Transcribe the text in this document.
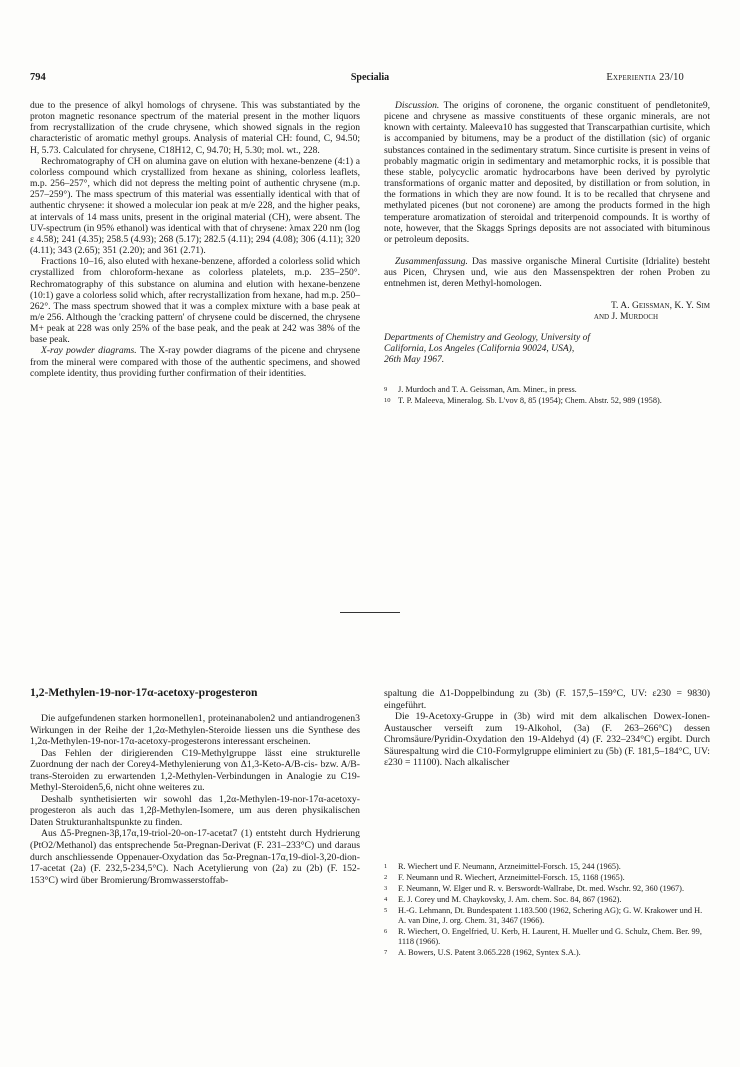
794	Specialia	Experientia 23/10

due to the presence of alkyl homologs of chrysene. This was substantiated by the proton magnetic resonance spectrum of the material present in the mother liquors from recrystallization of the crude chrysene, which showed signals in the region characteristic of aromatic methyl groups. Analysis of material CH: found, C, 94.50; H, 5.73. Calculated for chrysene, C18H12, C, 94.70; H, 5.30; mol. wt., 228.

Rechromatography of CH on alumina gave on elution with hexane-benzene (4:1) a colorless compound which crystallized from hexane as shining, colorless leaflets, m.p. 256–257°, which did not depress the melting point of authentic chrysene (m.p. 257–259°). The mass spectrum of this material was essentially identical with that of authentic chrysene: it showed a molecular ion peak at m/e 228, and the higher peaks, at intervals of 14 mass units, present in the original material (CH), were absent. The UV-spectrum (in 95% ethanol) was identical with that of chrysene: λmax 220 nm (log ε 4.58); 241 (4.35); 258.5 (4.93); 268 (5.17); 282.5 (4.11); 294 (4.08); 306 (4.11); 320 (4.11); 343 (2.65); 351 (2.20); and 361 (2.71).

Fractions 10–16, also eluted with hexane-benzene, afforded a colorless solid which crystallized from chloroform-hexane as colorless platelets, m.p. 235–250°. Rechromatography of this substance on alumina and elution with hexane-benzene (10:1) gave a colorless solid which, after recrystallization from hexane, had m.p. 250–262°. The mass spectrum showed that it was a complex mixture with a base peak at m/e 256. Although the 'cracking pattern' of chrysene could be discerned, the chrysene M+ peak at 228 was only 25% of the base peak, and the peak at 242 was 38% of the base peak.

X-ray powder diagrams. The X-ray powder diagrams of the picene and chrysene from the mineral were compared with those of the authentic specimens, and showed complete identity, thus providing further confirmation of their identities.

Discussion. The origins of coronene, the organic constituent of pendletonite9, picene and chrysene as massive constituents of these organic minerals, are not known with certainty. Maleeva10 has suggested that Transcarpathian curtisite, which is accompanied by bitumens, may be a product of the distillation (sic) of organic substances contained in the sedimentary stratum. Since curtisite is present in veins of probably magmatic origin in sedimentary and metamorphic rocks, it is possible that these stable, polycyclic aromatic hydrocarbons have been derived by pyrolytic transformations of organic matter and deposited, by distillation or from solution, in the formations in which they are now found. It is to be recalled that chrysene and methylated picenes (but not coronene) are among the products formed in the high temperature aromatization of steroidal and triterpenoid compounds. It is worthy of note, however, that the Skaggs Springs deposits are not associated with bituminous or petroleum deposits.

Zusammenfassung. Das massive organische Mineral Curtisite (Idrialite) besteht aus Picen, Chrysen und, wie aus den Massenspektren der rohen Proben zu entnehmen ist, deren Methyl-homologen.

T. A. Geissman, K. Y. Sim

and J. Murdoch

Departments of Chemistry and Geology, University of

California, Los Angeles (California 90024, USA),

26th May 1967.

9	J. Murdoch and T. A. Geissman, Am. Miner., in press.
10 T. P. Maleeva, Mineralog. Sb. L'vov 8, 85 (1954); Chem. Abstr. 52, 989 (1958).
1,2-Methylen-19-nor-17α-acetoxy-progesteron

Die aufgefundenen starken hormonellen1, proteinanabolen2 und antiandrogenen3 Wirkungen in der Reihe der 1,2α-Methylen-Steroide liessen uns die Synthese des 1,2α-Methylen-19-nor-17α-acetoxy-progesterons interessant erscheinen.

Das Fehlen der dirigierenden C19-Methylgruppe lässt eine strukturelle Zuordnung der nach der Corey4-Methylenierung von Δ1,3-Keto-A/B-cis- bzw. A/B-trans-Steroiden zu erwartenden 1,2-Methylen-Verbindungen in Analogie zu C19-Methyl-Steroiden5,6, nicht ohne weiteres zu.

Deshalb synthetisierten wir sowohl das 1,2α-Methylen-19-nor-17α-acetoxy-progesteron als auch das 1,2β-Methylen-Isomere, um aus deren physikalischen Daten Strukturanhaltspunkte zu finden.

Aus Δ5-Pregnen-3β,17α,19-triol-20-on-17-acetat7 (1) entsteht durch Hydrierung (PtO2/Methanol) das entsprechende 5α-Pregnan-Derivat (F. 231–233°C) und daraus durch anschliessende Oppenauer-Oxydation das 5α-Pregnan-17α,19-diol-3,20-dion-17-acetat (2a) (F. 232,5-234,5°C). Nach Acetylierung von (2a) zu (2b) (F. 152-153°C) wird über Bromierung/Bromwasserstoffab-

spaltung die Δ1-Doppelbindung zu (3b) (F. 157,5–159°C, UV: ε230 = 9830) eingeführt.

Die 19-Acetoxy-Gruppe in (3b) wird mit dem alkalischen Dowex-Ionen-Austauscher verseift zum 19-Alkohol, (3a) (F. 263–266°C) dessen Chromsäure/Pyridin-Oxydation den 19-Aldehyd (4) (F. 232–234°C) ergibt. Durch Säurespaltung wird die C10-Formylgruppe eliminiert zu (5b) (F. 181,5–184°C, UV: ε230 = 11100). Nach alkalischer

1	R. Wiechert und F. Neumann, Arzneimittel-Forsch. 15, 244 (1965).
2	F. Neumann und R. Wiechert, Arzneimittel-Forsch. 15, 1168 (1965).
3	F. Neumann, W. Elger und R. v. Berswordt-Wallrabe, Dt. med. Wschr. 92, 360 (1967).
4	E. J. Corey und M. Chaykovsky, J. Am. chem. Soc. 84, 867 (1962).
5	H.-G. Lehmann, Dt. Bundespatent 1.183.500 (1962, Schering AG); G. W. Krakower und H. A. van Dine, J. org. Chem. 31, 3467 (1966).
6	R. Wiechert, O. Engelfried, U. Kerb, H. Laurent, H. Mueller und G. Schulz, Chem. Ber. 99, 1118 (1966).
7	A. Bowers, U.S. Patent 3.065.228 (1962, Syntex S.A.).
